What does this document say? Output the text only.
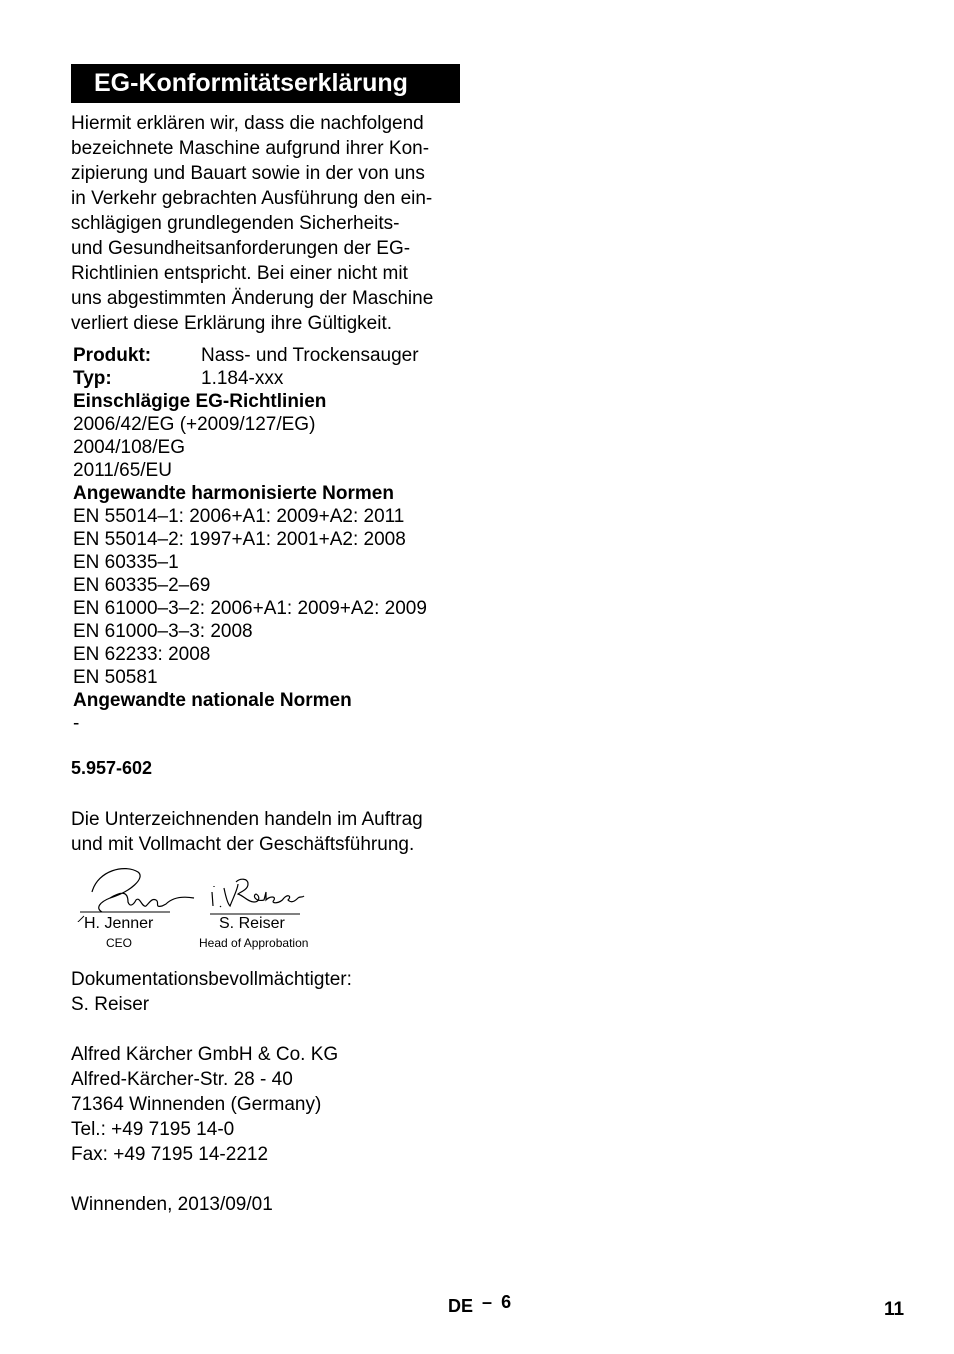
EG-Konformitätserklärung
Hiermit erklären wir, dass die nachfolgend
bezeichnete Maschine aufgrund ihrer Kon-
zipierung und Bauart sowie in der von uns
in Verkehr gebrachten Ausführung den ein-
schlägigen grundlegenden Sicherheits-
und Gesundheitsanforderungen der EG-
Richtlinien entspricht. Bei einer nicht mit
uns abgestimmten Änderung der Maschine
verliert diese Erklärung ihre Gültigkeit.
Produkt:	Nass- und Trockensauger
Typ:	1.184-xxx
Einschlägige EG-Richtlinien
2006/42/EG (+2009/127/EG)
2004/108/EG
2011/65/EU
Angewandte harmonisierte Normen
EN 55014–1: 2006+A1: 2009+A2: 2011
EN 55014–2: 1997+A1: 2001+A2: 2008
EN 60335–1
EN 60335–2–69
EN 61000–3–2: 2006+A1: 2009+A2: 2009
EN 61000–3–3: 2008
EN 62233: 2008
EN 50581
Angewandte nationale Normen
-
5.957-602
Die Unterzeichnenden handeln im Auftrag
und mit Vollmacht der Geschäftsführung.
H. Jenner	S. Reiser
CEO	Head of Approbation
Dokumentationsbevollmächtigter:
S. Reiser
Alfred Kärcher GmbH & Co. KG
Alfred-Kärcher-Str. 28 - 40
71364 Winnenden (Germany)
Tel.: +49 7195 14-0
Fax: +49 7195 14-2212
Winnenden, 2013/09/01
DE – 6	11
